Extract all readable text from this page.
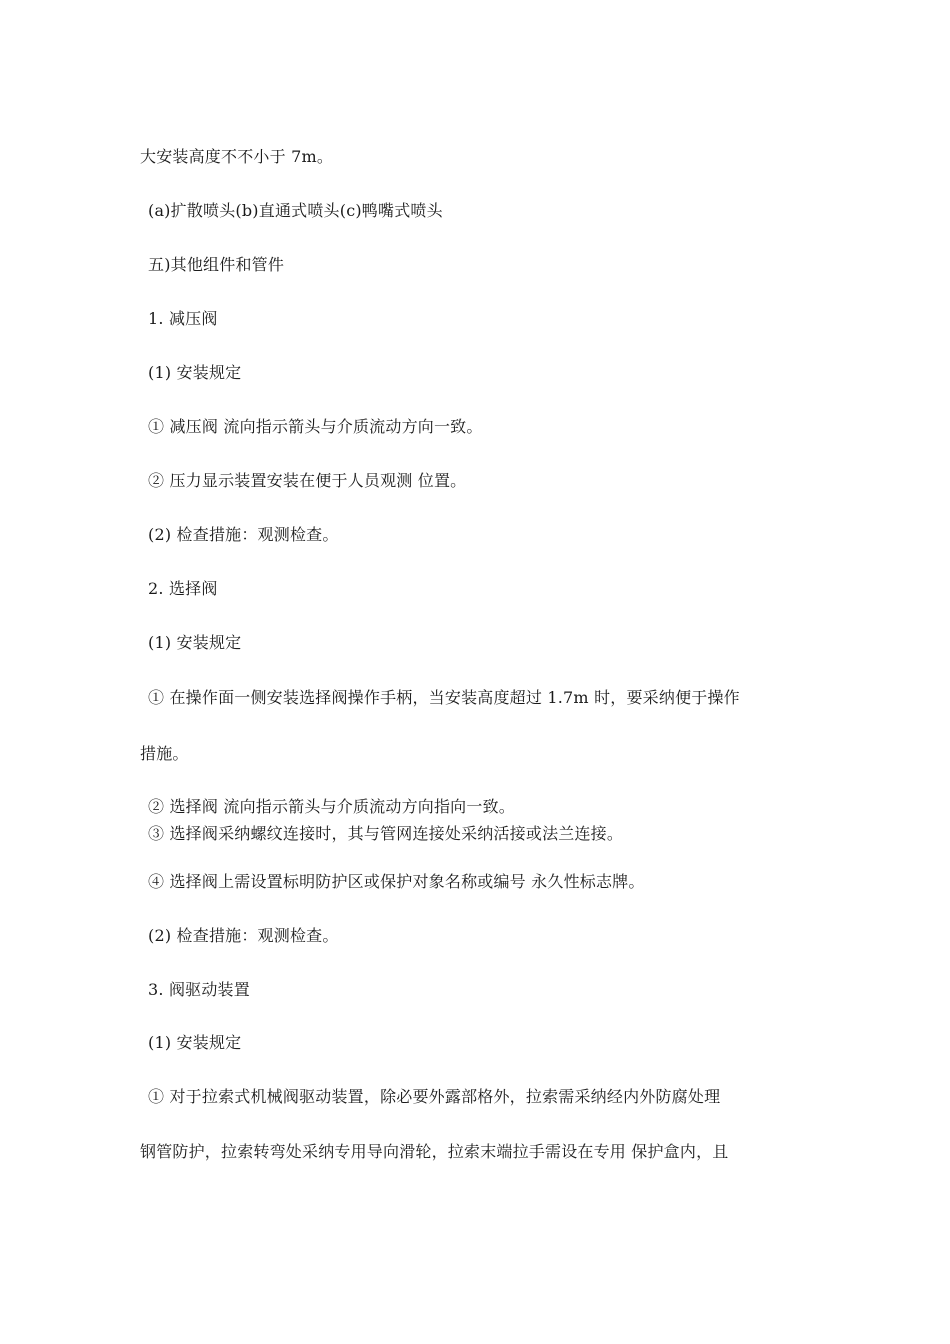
大安装高度不不小于 7m。
(a)扩散喷头(b)直通式喷头(c)鸭嘴式喷头
五)其他组件和管件
1. 减压阀
(1) 安装规定
① 减压阀 流向指示箭头与介质流动方向一致。
② 压力显示装置安装在便于人员观测 位置。
(2) 检查措施：观测检查。
2. 选择阀
(1) 安装规定
① 在操作面一侧安装选择阀操作手柄，当安装高度超过 1.7m 时，要采纳便于操作
措施。
② 选择阀 流向指示箭头与介质流动方向指向一致。
③ 选择阀采纳螺纹连接时，其与管网连接处采纳活接或法兰连接。
④ 选择阀上需设置标明防护区或保护对象名称或编号 永久性标志牌。
(2) 检查措施：观测检查。
3. 阀驱动装置
(1) 安装规定
① 对于拉索式机械阀驱动装置，除必要外露部格外，拉索需采纳经内外防腐处理
钢管防护，拉索转弯处采纳专用导向滑轮，拉索末端拉手需设在专用 保护盒内，且
